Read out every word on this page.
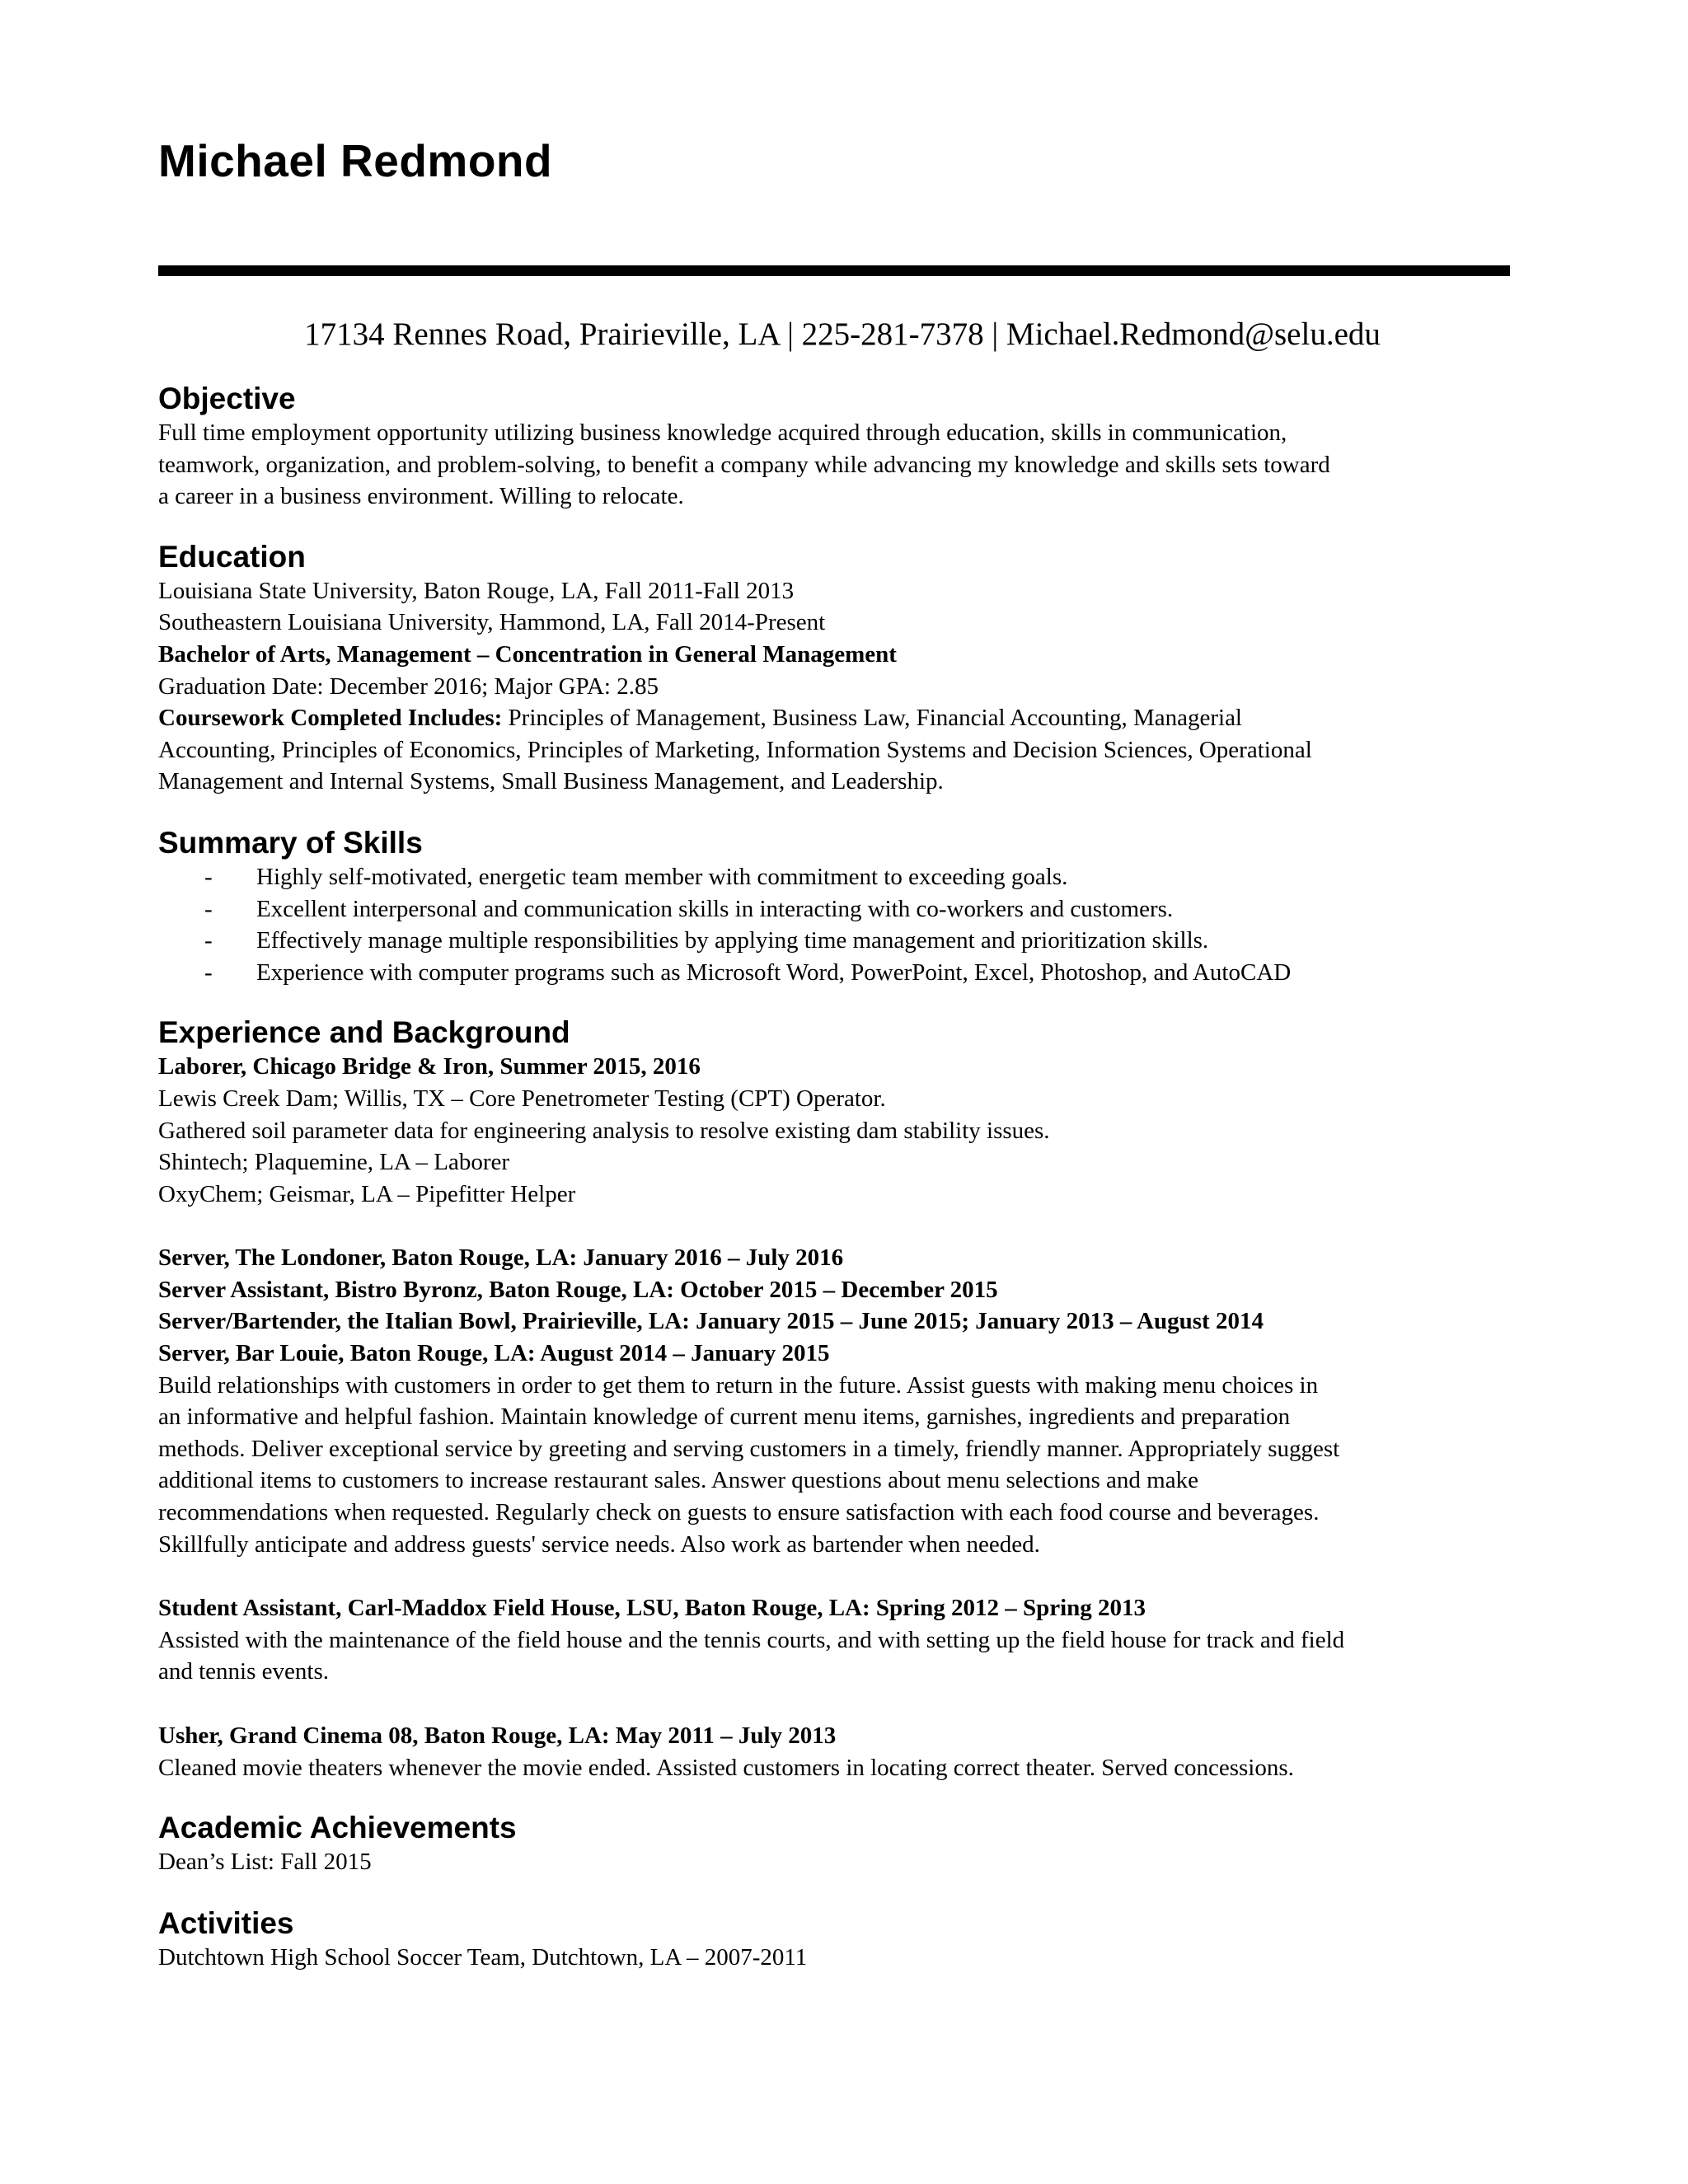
Michael Redmond
17134 Rennes Road, Prairieville, LA | 225-281-7378 | Michael.Redmond@selu.edu
Objective

Full time employment opportunity utilizing business knowledge acquired through education, skills in communication,

teamwork, organization, and problem-solving, to benefit a company while advancing my knowledge and skills sets toward

a career in a business environment. Willing to relocate.

Education

Louisiana State University, Baton Rouge, LA, Fall 2011-Fall 2013

Southeastern Louisiana University, Hammond, LA, Fall 2014-Present

Bachelor of Arts, Management – Concentration in General Management

Graduation Date: December 2016; Major GPA: 2.85

Coursework Completed Includes: Principles of Management, Business Law, Financial Accounting, Managerial

Accounting, Principles of Economics, Principles of Marketing, Information Systems and Decision Sciences, Operational

Management and Internal Systems, Small Business Management, and Leadership.

Summary of Skills
- Highly self-motivated, energetic team member with commitment to exceeding goals.
- Excellent interpersonal and communication skills in interacting with co-workers and customers.
- Effectively manage multiple responsibilities by applying time management and prioritization skills.
- Experience with computer programs such as Microsoft Word, PowerPoint, Excel, Photoshop, and AutoCAD
Experience and Background

Laborer, Chicago Bridge & Iron, Summer 2015, 2016

Lewis Creek Dam; Willis, TX – Core Penetrometer Testing (CPT) Operator.

Gathered soil parameter data for engineering analysis to resolve existing dam stability issues.

Shintech; Plaquemine, LA – Laborer

OxyChem; Geismar, LA – Pipefitter Helper

Server, The Londoner, Baton Rouge, LA: January 2016 – July 2016

Server Assistant, Bistro Byronz, Baton Rouge, LA: October 2015 – December 2015

Server/Bartender, the Italian Bowl, Prairieville, LA: January 2015 – June 2015; January 2013 – August 2014

Server, Bar Louie, Baton Rouge, LA: August 2014 – January 2015

Build relationships with customers in order to get them to return in the future. Assist guests with making menu choices in

an informative and helpful fashion. Maintain knowledge of current menu items, garnishes, ingredients and preparation

methods. Deliver exceptional service by greeting and serving customers in a timely, friendly manner. Appropriately suggest

additional items to customers to increase restaurant sales. Answer questions about menu selections and make

recommendations when requested. Regularly check on guests to ensure satisfaction with each food course and beverages.

Skillfully anticipate and address guests' service needs. Also work as bartender when needed.

Student Assistant, Carl-Maddox Field House, LSU, Baton Rouge, LA: Spring 2012 – Spring 2013

Assisted with the maintenance of the field house and the tennis courts, and with setting up the field house for track and field

and tennis events.

Usher, Grand Cinema 08, Baton Rouge, LA: May 2011 – July 2013

Cleaned movie theaters whenever the movie ended. Assisted customers in locating correct theater. Served concessions.

Academic Achievements

Dean’s List: Fall 2015

Activities

Dutchtown High School Soccer Team, Dutchtown, LA – 2007-2011
